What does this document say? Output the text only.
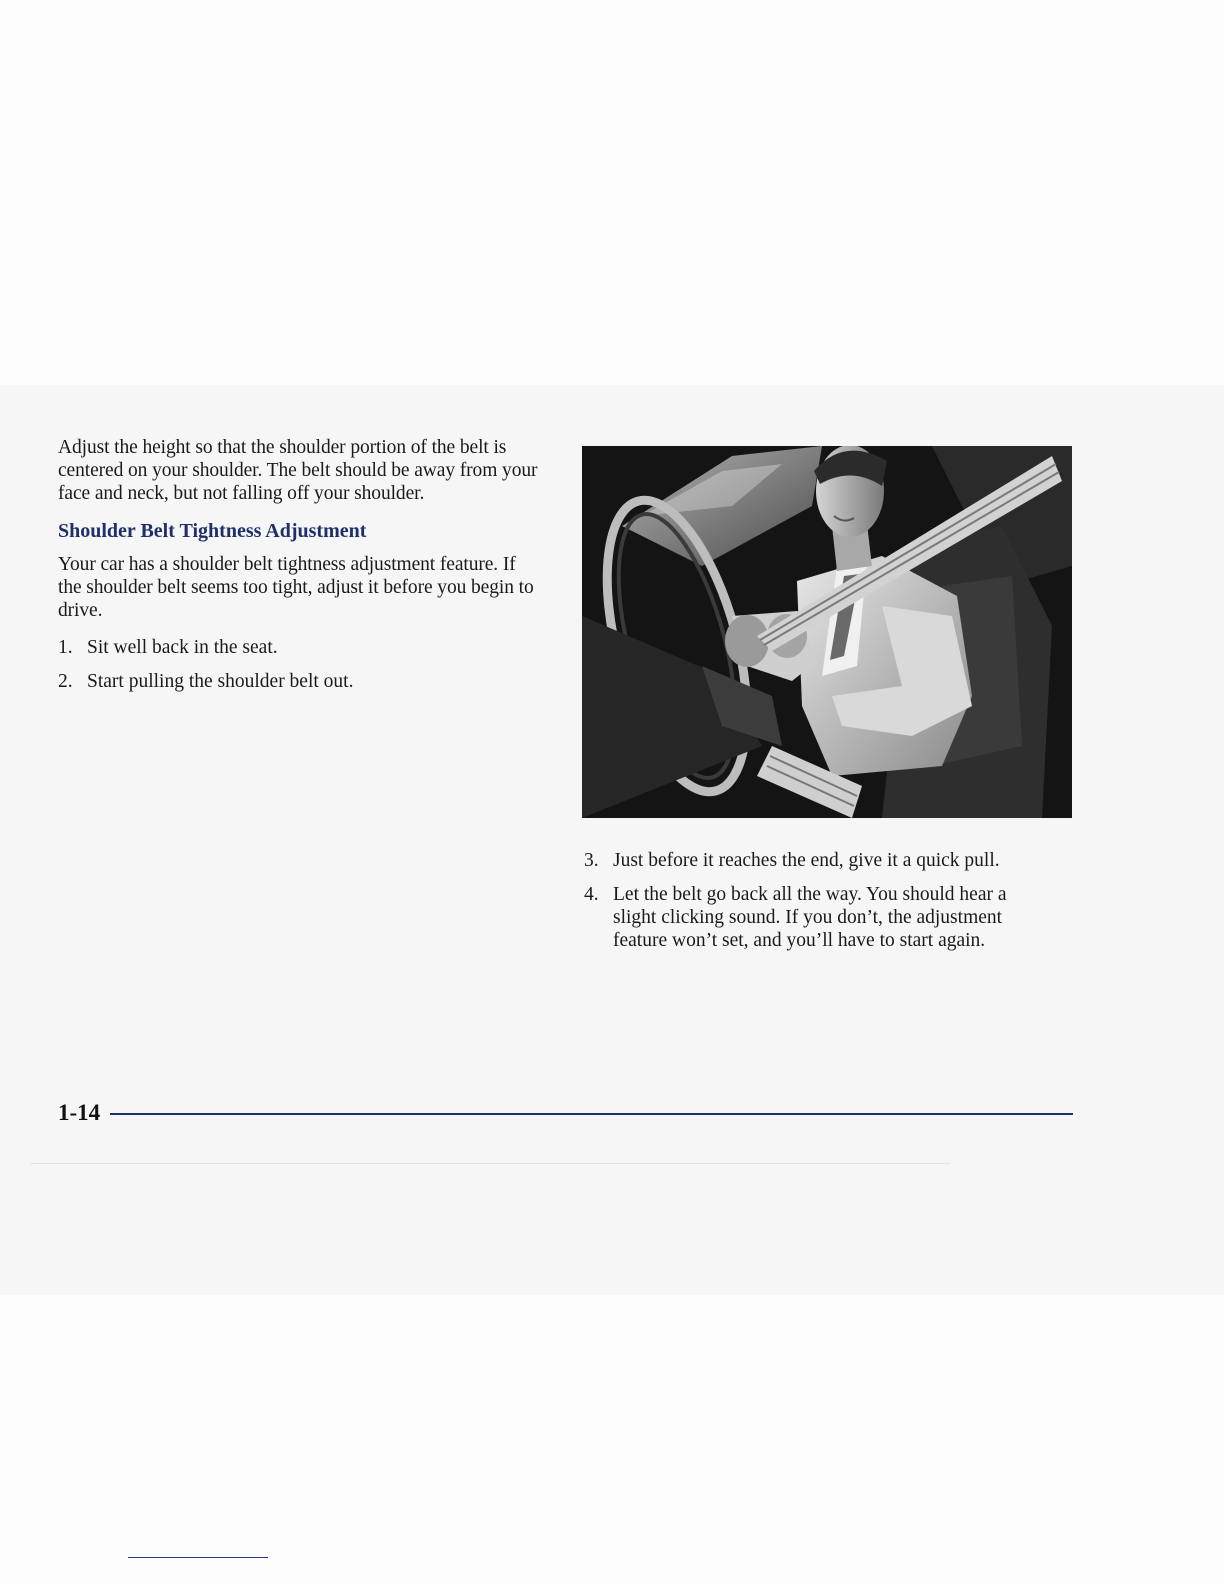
Adjust the height so that the shoulder portion of the belt is centered on your shoulder. The belt should be away from your face and neck, but not falling off your shoulder.

Shoulder Belt Tightness Adjustment

Your car has a shoulder belt tightness adjustment feature. If the shoulder belt seems too tight, adjust it before you begin to drive.

1. Sit well back in the seat.
2. Start pulling the shoulder belt out.
3. Just before it reaches the end, give it a quick pull.
4. Let the belt go back all the way. You should hear a slight clicking sound. If you don’t, the adjustment feature won’t set, and you’ll have to start again.
1-14
